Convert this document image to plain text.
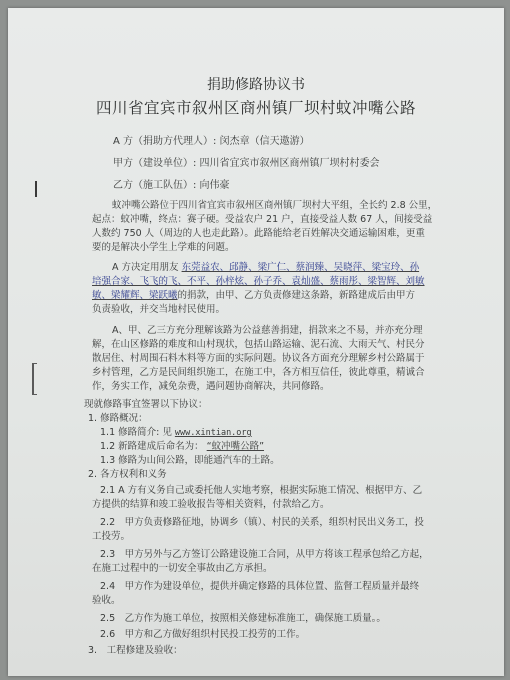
捐助修路协议书
四川省宜宾市叙州区商州镇厂坝村蚊冲嘴公路
A 方（捐助方代理人）: 闵杰章（信天遨游）
甲方（建设单位）: 四川省宜宾市叙州区商州镇厂坝村村委会
乙方（施工队伍）: 向伟豪
蚊冲嘴公路位于四川省宜宾市叙州区商州镇厂坝村大平组，全长约 2.8 公里，
起点：蚊冲嘴，终点：赛子硬。受益农户 21 户，直接受益人数 67 人，间接受益
人数约 750 人（周边的人也走此路）。此路能给老百姓解决交通运输困难，更重
要的是解决小学生上学难的问题。
A 方决定用朋友 东莞益农、邱静、梁广仁、蔡润臻、吴晓萍、梁宝玲、孙
培强合家、飞飞的飞、不平、孙梓炫、孙子乔、袁灿盛、蔡雨彤、梁智辉、刘敏
敏、梁耀辉、梁跃曦的捐款，由甲、乙方负责修建这条路，新路建成后由甲方
负责验收，并交当地村民使用。
A、甲、乙三方充分理解该路为公益慈善捐建，捐款来之不易，并亦充分理
解，在山区修路的难度和山村现状，包括山路运输、泥石流、大雨天气、村民分
散居住、村周围石料木料等方面的实际问题。协议各方面充分理解乡村公路属于
乡村管理，乙方是民间组织施工，在施工中，各方相互信任，彼此尊重，精诚合
作，务实工作，减免杂费，遇问题协商解决，共同修路。
现就修路事宜签署以下协议：
1. 修路概况：
1.1 修路简介: 见 www.xintian.org
1.2 新路建成后命名为： “蚊冲嘴公路”
1.3 修路为山间公路，即能通汽车的土路。
2. 各方权利和义务
2.1 A 方有义务自己或委托他人实地考察，根据实际施工情况、根据甲方、乙
方提供的结算和竣工验收报告等相关资料，付款给乙方。
2.2　甲方负责修路征地，协调乡（镇）、村民的关系，组织村民出义务工，投
工投劳。
2.3　甲方另外与乙方签订公路建设施工合同，从甲方将该工程承包给乙方起，
在施工过程中的一切安全事故由乙方承担。
2.4　甲方作为建设单位，提供并确定修路的具体位置、监督工程质量并最终
验收。
2.5　乙方作为施工单位，按照相关修建标准施工，确保施工质量。。
2.6　甲方和乙方做好组织村民投工投劳的工作。
3.　工程修建及验收：
